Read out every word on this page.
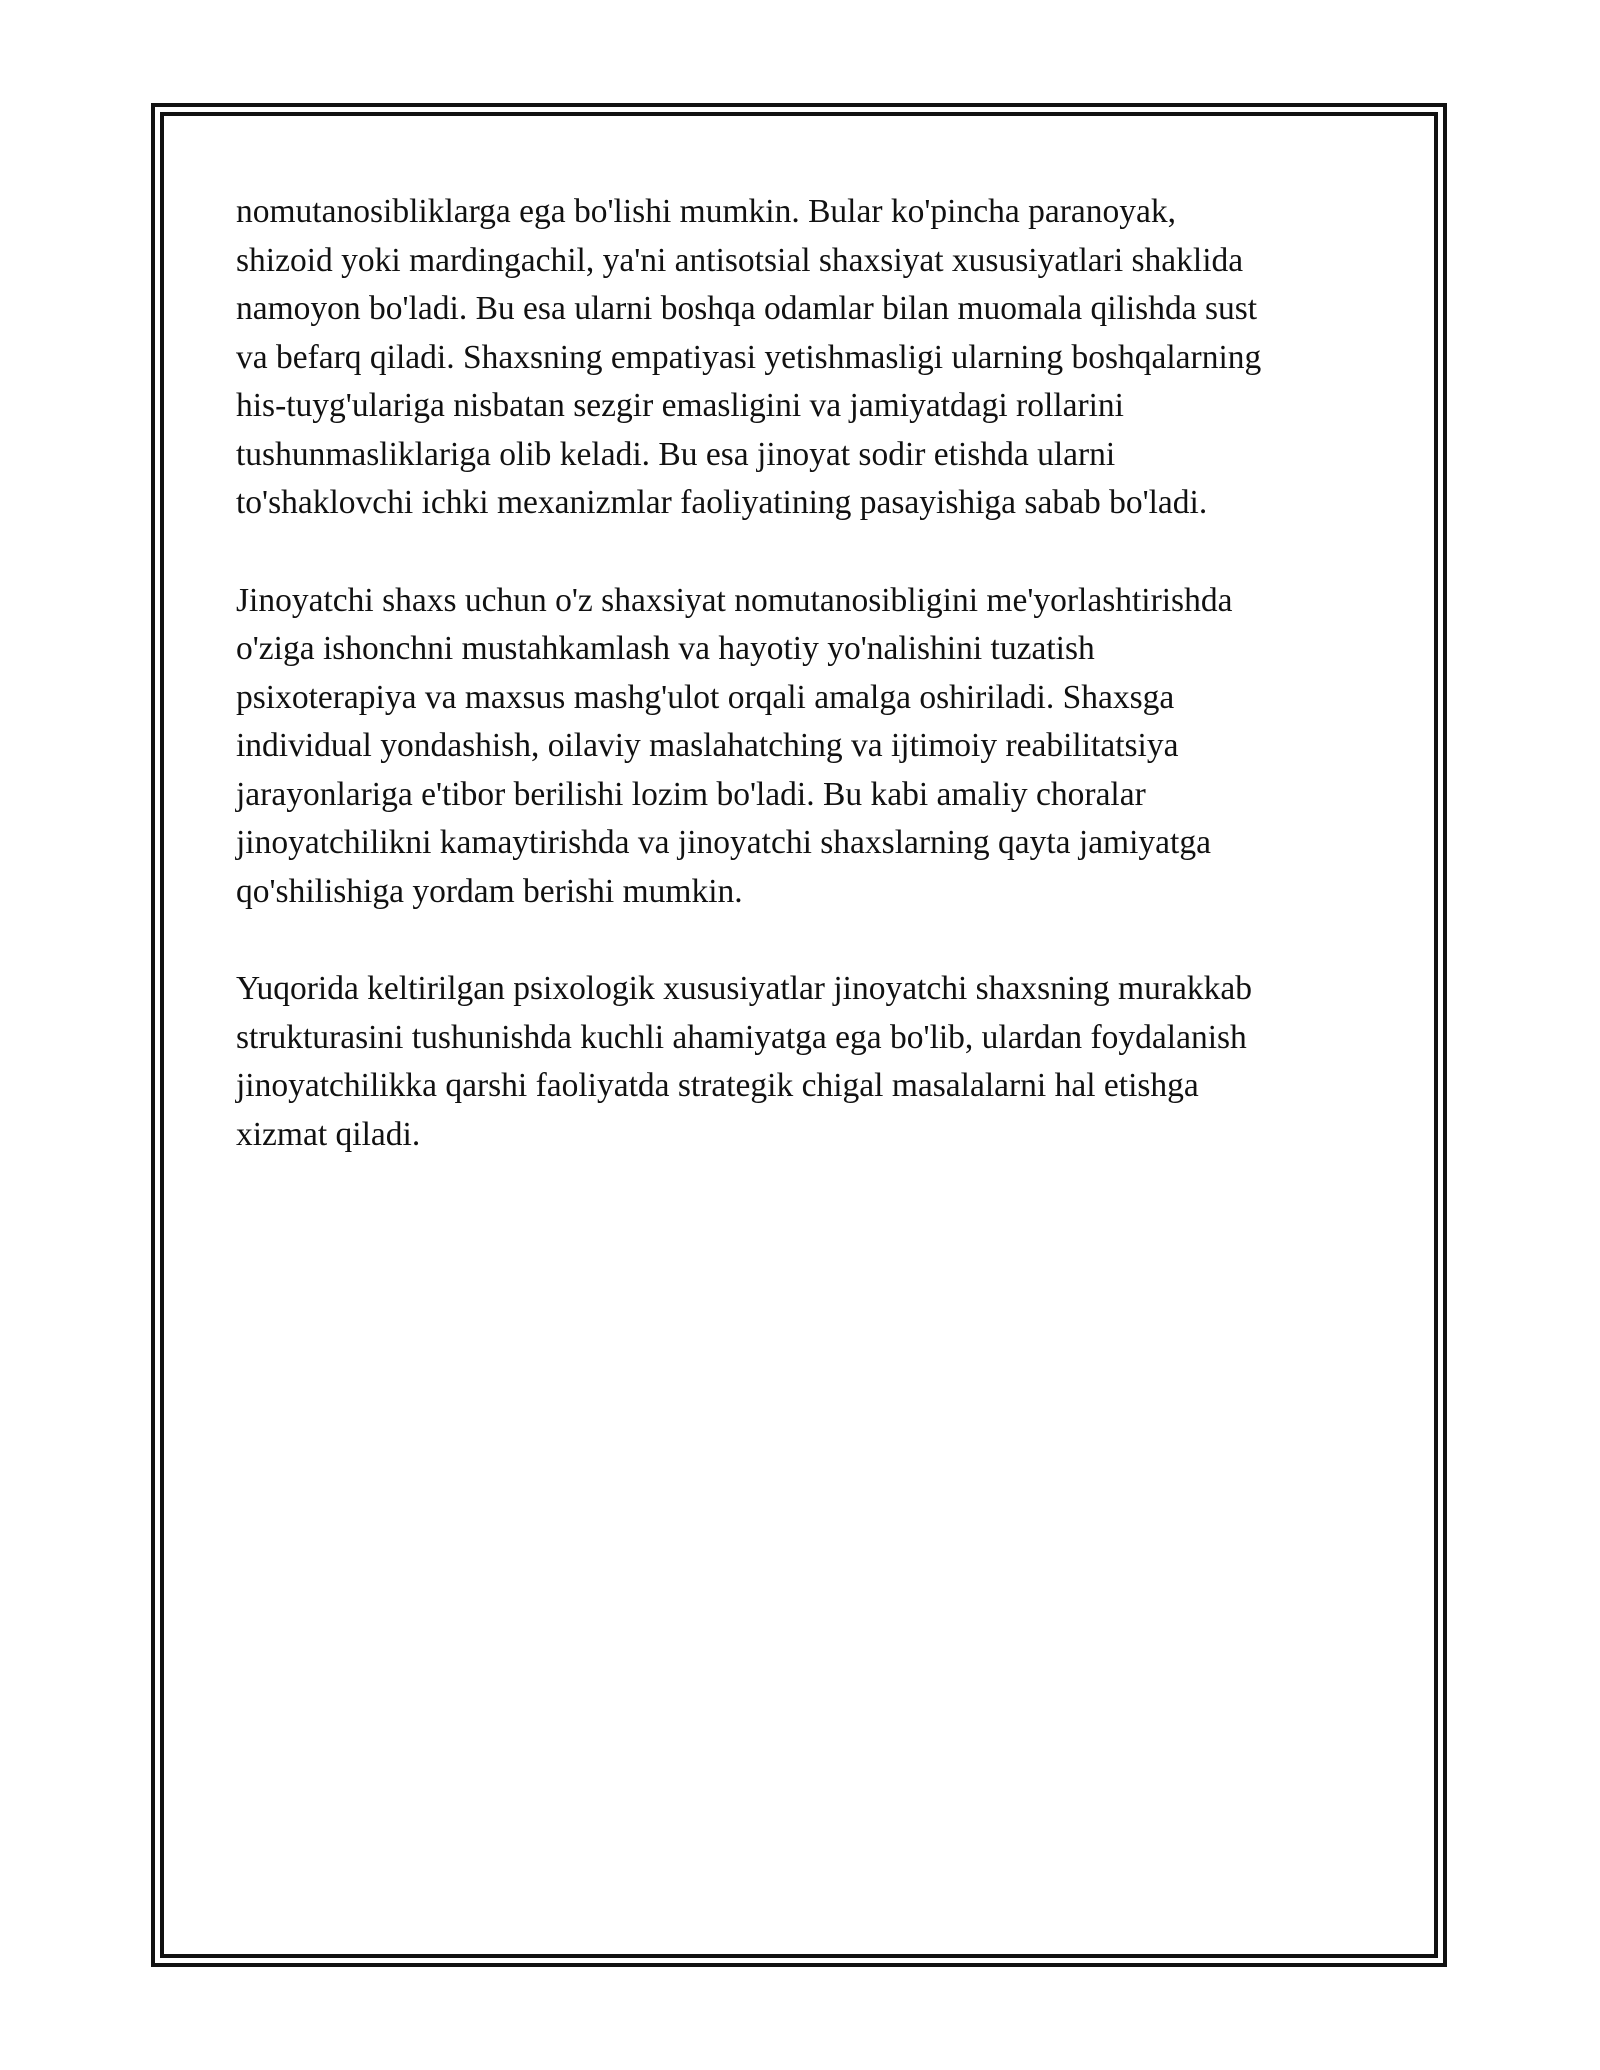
nomutanosibliklarga ega bo'lishi mumkin. Bular ko'pincha paranoyak,
shizoid yoki mardingachil, ya'ni antisotsial shaxsiyat xususiyatlari shaklida
namoyon bo'ladi. Bu esa ularni boshqa odamlar bilan muomala qilishda sust
va befarq qiladi. Shaxsning empatiyasi yetishmasligi ularning boshqalarning
his-tuyg'ulariga nisbatan sezgir emasligini va jamiyatdagi rollarini
tushunmasliklariga olib keladi. Bu esa jinoyat sodir etishda ularni
to'shaklovchi ichki mexanizmlar faoliyatining pasayishiga sabab bo'ladi.

Jinoyatchi shaxs uchun o'z shaxsiyat nomutanosibligini me'yorlashtirishda
o'ziga ishonchni mustahkamlash va hayotiy yo'nalishini tuzatish
psixoterapiya va maxsus mashg'ulot orqali amalga oshiriladi. Shaxsga
individual yondashish, oilaviy maslahatching va ijtimoiy reabilitatsiya
jarayonlariga e'tibor berilishi lozim bo'ladi. Bu kabi amaliy choralar
jinoyatchilikni kamaytirishda va jinoyatchi shaxslarning qayta jamiyatga
qo'shilishiga yordam berishi mumkin.

Yuqorida keltirilgan psixologik xususiyatlar jinoyatchi shaxsning murakkab
strukturasini tushunishda kuchli ahamiyatga ega bo'lib, ulardan foydalanish
jinoyatchilikka qarshi faoliyatda strategik chigal masalalarni hal etishga
xizmat qiladi.
